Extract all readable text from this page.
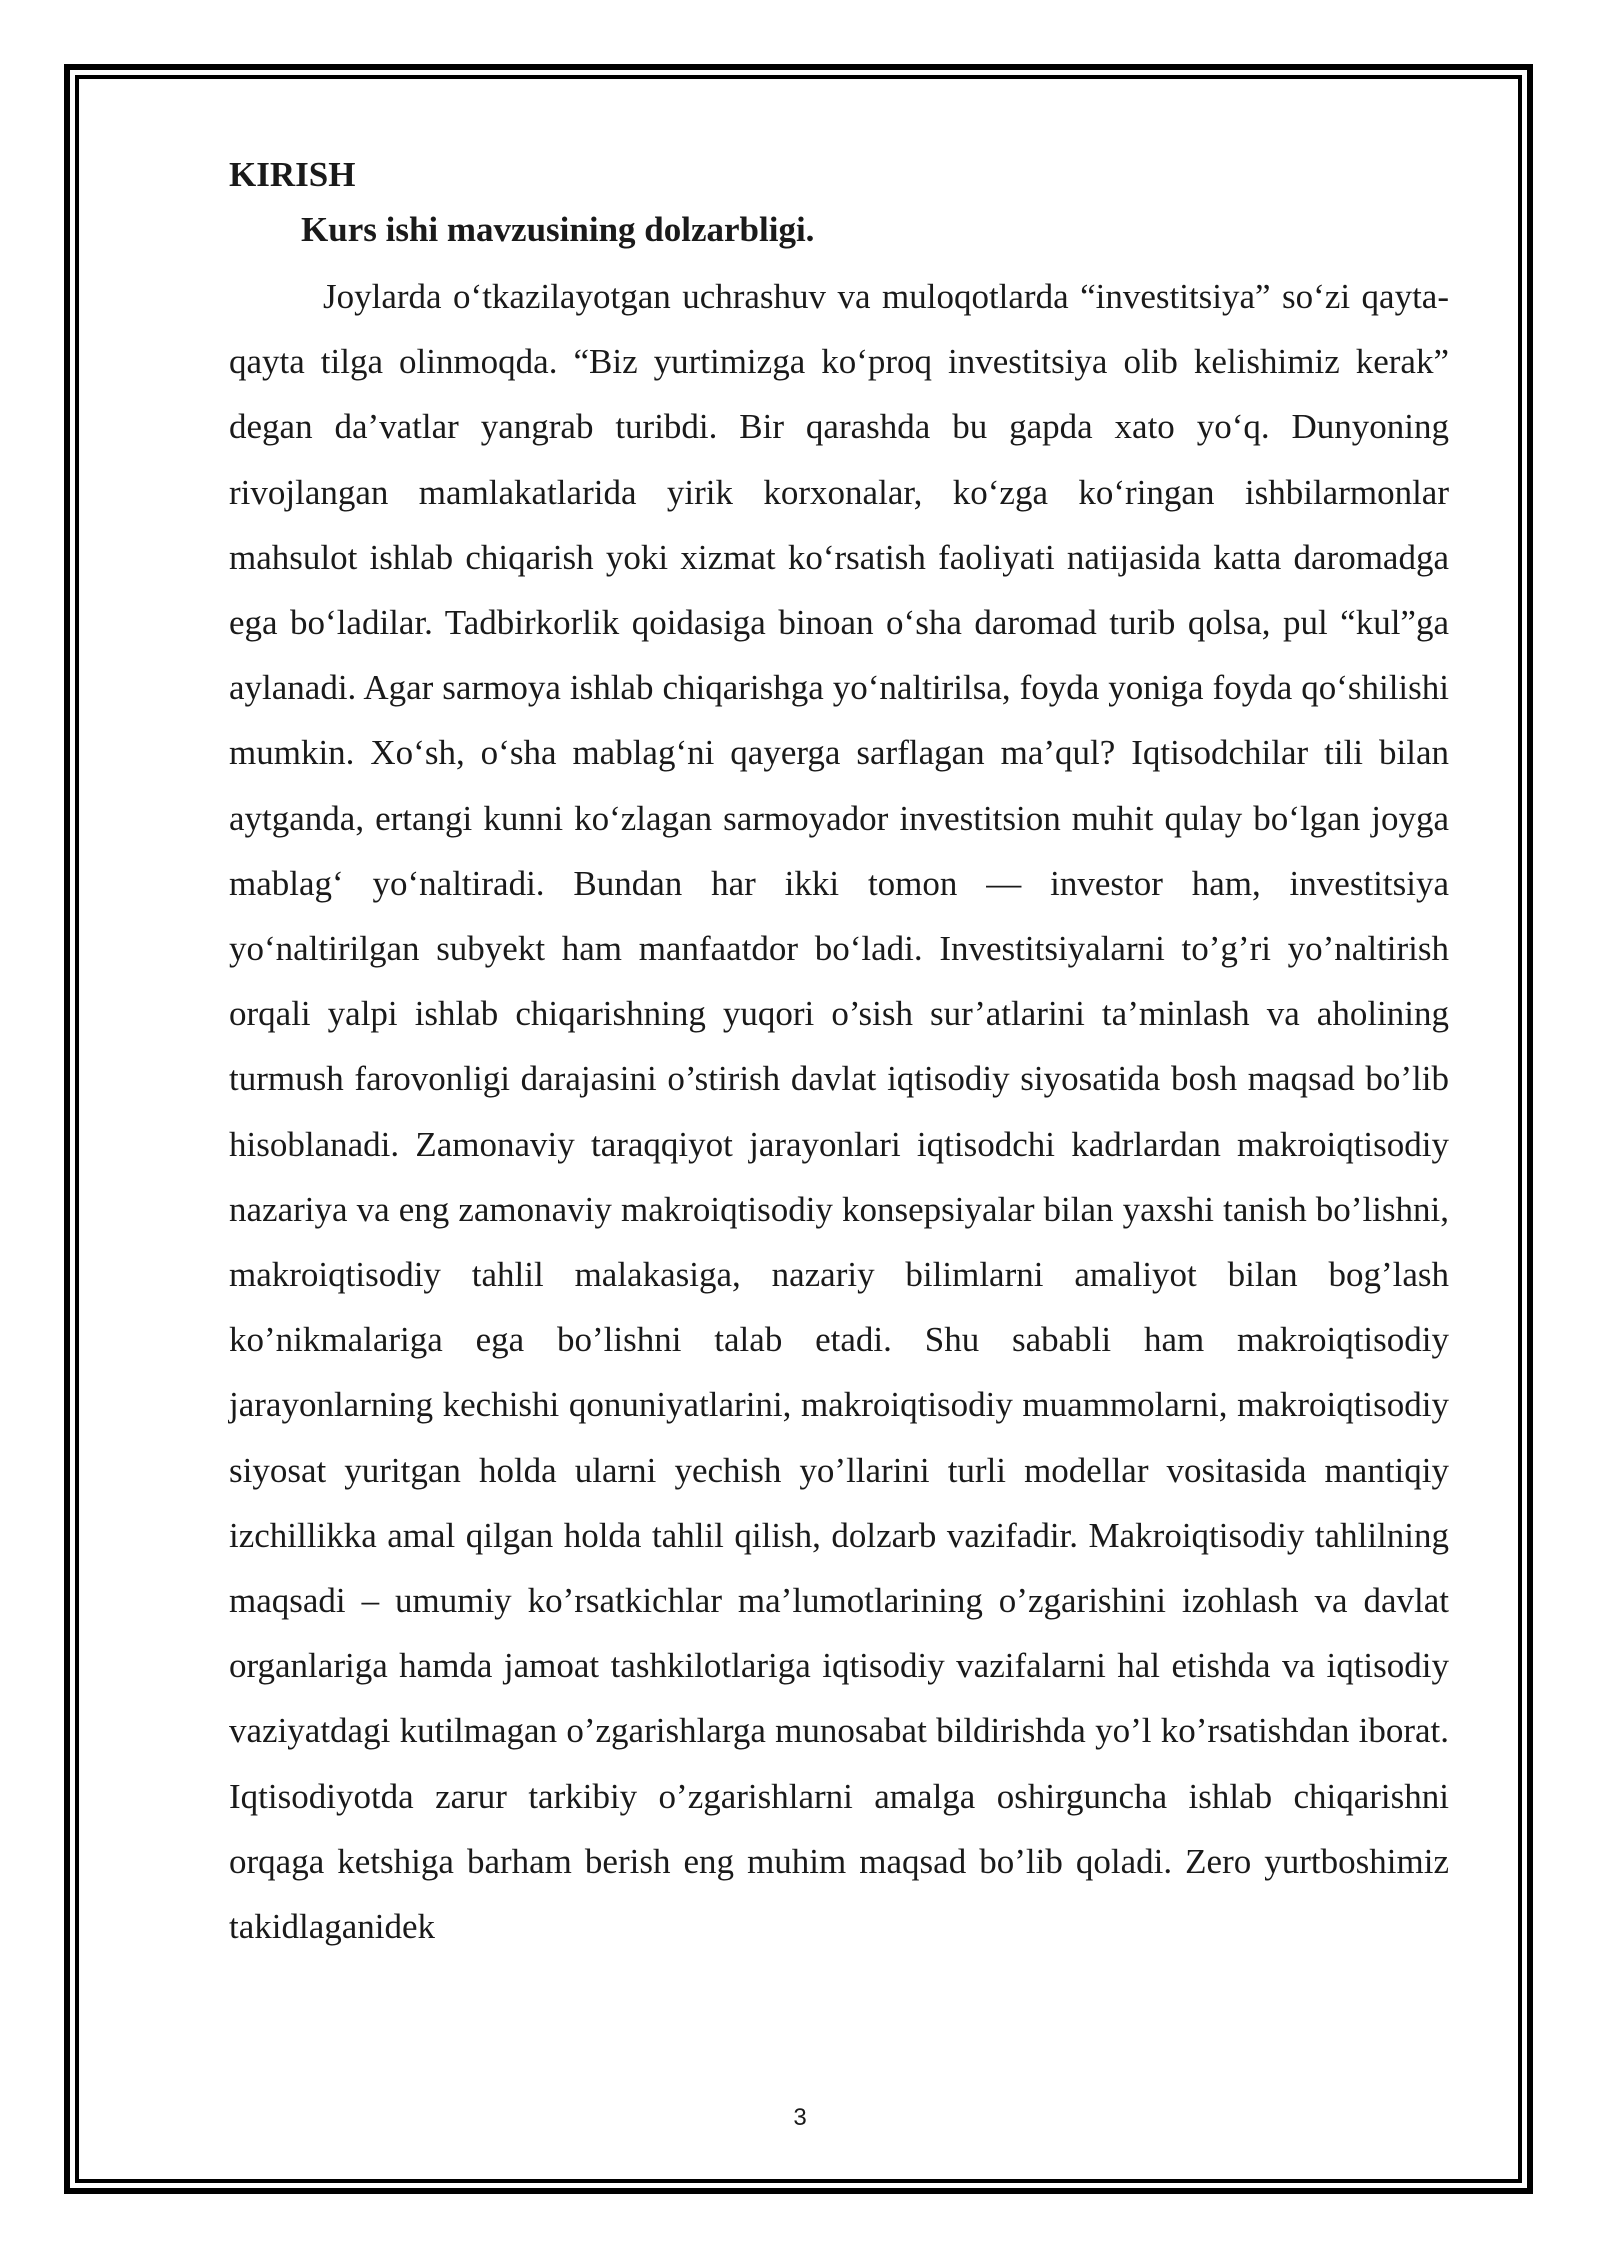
KIRISH
Kurs ishi mavzusining dolzarbligi.

Joylarda o‘tkazilayotgan uchrashuv va muloqotlarda “investitsiya” so‘zi qayta-qayta tilga olinmoqda. “Biz yurtimizga ko‘proq investitsiya olib kelishimiz kerak” degan da’vatlar yangrab turibdi. Bir qarashda bu gapda xato yo‘q. Dunyoning rivojlangan mamlakatlarida yirik korxonalar, ko‘zga ko‘ringan ishbilarmonlar mahsulot ishlab chiqarish yoki xizmat ko‘rsatish faoliyati natijasida katta daromadga ega bo‘ladilar. Tadbirkorlik qoidasiga binoan o‘sha daromad turib qolsa, pul “kul”ga aylanadi. Agar sarmoya ishlab chiqarishga yo‘naltirilsa, foyda yoniga foyda qo‘shilishi mumkin. Xo‘sh, o‘sha mablag‘ni qayerga sarflagan ma’qul? Iqtisodchilar tili bilan aytganda, ertangi kunni ko‘zlagan sarmoyador investitsion muhit qulay bo‘lgan joyga mablag‘ yo‘naltiradi. Bundan har ikki tomon — investor ham, investitsiya yo‘naltirilgan subyekt ham manfaatdor bo‘ladi. Investitsiyalarni to’g’ri yo’naltirish orqali yalpi ishlab chiqarishning yuqori o’sish sur’atlarini ta’minlash va aholining turmush farovonligi darajasini o’stirish davlat iqtisodiy siyosatida bosh maqsad bo’lib hisoblanadi. Zamonaviy taraqqiyot jarayonlari iqtisodchi kadrlardan makroiqtisodiy nazariya va eng zamonaviy makroiqtisodiy konsepsiyalar bilan yaxshi tanish bo’lishni, makroiqtisodiy tahlil malakasiga, nazariy bilimlarni amaliyot bilan bog’lash ko’nikmalariga ega bo’lishni talab etadi. Shu sababli ham makroiqtisodiy jarayonlarning kechishi qonuniyatlarini, makroiqtisodiy muammolarni, makroiqtisodiy siyosat yuritgan holda ularni yechish yo’llarini turli modellar vositasida mantiqiy izchillikka amal qilgan holda tahlil qilish, dolzarb vazifadir. Makroiqtisodiy tahlilning maqsadi – umumiy ko’rsatkichlar ma’lumotlarining o’zgarishini izohlash va davlat organlariga hamda jamoat tashkilotlariga iqtisodiy vazifalarni hal etishda va iqtisodiy vaziyatdagi kutilmagan o’zgarishlarga munosabat bildirishda yo’l ko’rsatishdan iborat. Iqtisodiyotda zarur tarkibiy o’zgarishlarni amalga oshirguncha ishlab chiqarishni orqaga ketshiga barham berish eng muhim maqsad bo’lib qoladi. Zero yurtboshimiz takidlaganidek

3
